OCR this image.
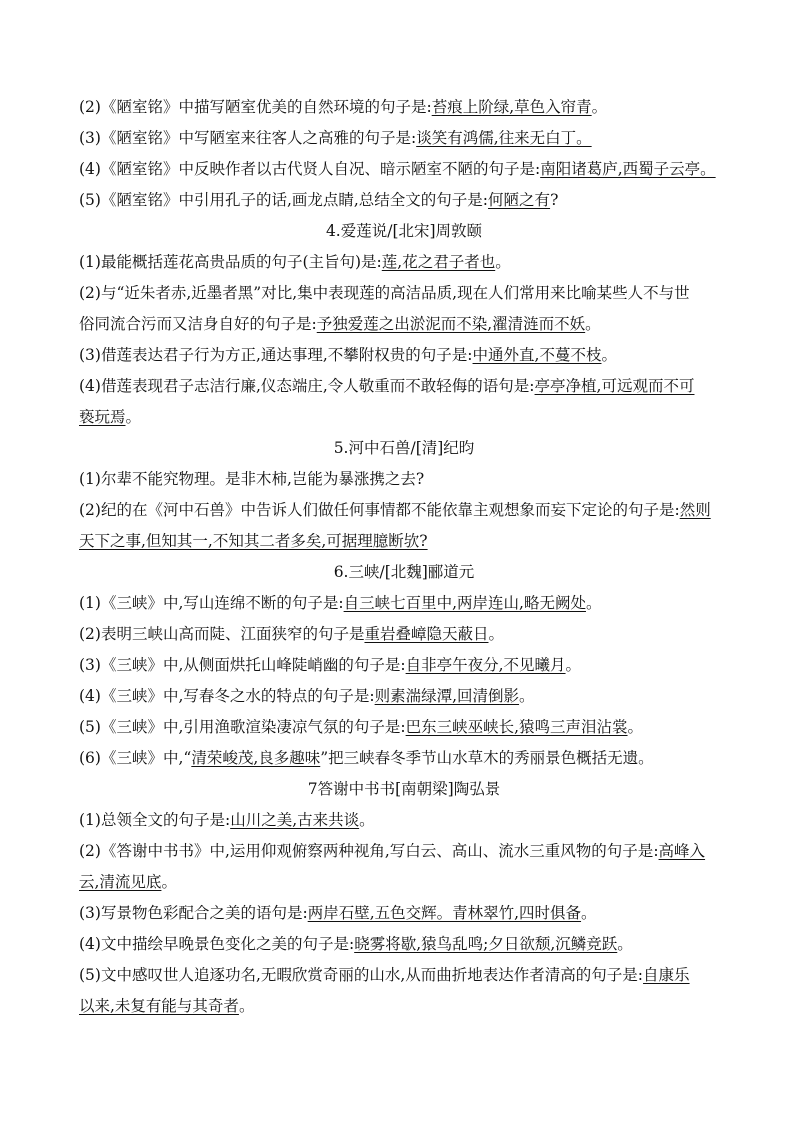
(2)《陋室铭》中描写陋室优美的自然环境的句子是:苔痕上阶绿,草色入帘青。
(3)《陋室铭》中写陋室来往客人之高雅的句子是:谈笑有鸿儒,往来无白丁。
(4)《陋室铭》中反映作者以古代贤人自况、暗示陋室不陋的句子是:南阳诸葛庐,西蜀子云亭。
(5)《陋室铭》中引用孔子的话,画龙点睛,总结全文的句子是:何陋之有?
4.爱莲说/[北宋]周敦颐
(1)最能概括莲花高贵品质的句子(主旨句)是:莲,花之君子者也。
(2)与“近朱者赤,近墨者黑”对比,集中表现莲的高洁品质,现在人们常用来比喻某些人不与世
俗同流合污而又洁身自好的句子是:予独爱莲之出淤泥而不染,濯清涟而不妖。
(3)借莲表达君子行为方正,通达事理,不攀附权贵的句子是:中通外直,不蔓不枝。
(4)借莲表现君子志洁行廉,仪态端庄,令人敬重而不敢轻侮的语句是:亭亭净植,可远观而不可
亵玩焉。
5.河中石兽/[清]纪昀
(1)尔辈不能究物理。是非木柿,岂能为暴涨携之去?
(2)纪的在《河中石兽》中告诉人们做任何事情都不能依靠主观想象而妄下定论的句子是:然则
天下之事,但知其一,不知其二者多矣,可据理臆断欤?
6.三峡/[北魏]郦道元
(1)《三峡》中,写山连绵不断的句子是:自三峡七百里中,两岸连山,略无阙处。
(2)表明三峡山高而陡、江面狭窄的句子是重岩叠嶂隐天蔽日。
(3)《三峡》中,从侧面烘托山峰陡峭幽的句子是:自非亭午夜分,不见曦月。
(4)《三峡》中,写春冬之水的特点的句子是:则素湍绿潭,回清倒影。
(5)《三峡》中,引用渔歌渲染凄凉气氛的句子是:巴东三峡巫峡长,猿鸣三声泪沾裳。
(6)《三峡》中,“清荣峻茂,良多趣味”把三峡春冬季节山水草木的秀丽景色概括无遗。
7答谢中书书[南朝梁]陶弘景
(1)总领全文的句子是:山川之美,古来共谈。
(2)《答谢中书书》中,运用仰观俯察两种视角,写白云、高山、流水三重风物的句子是:高峰入
云,清流见底。
(3)写景物色彩配合之美的语句是:两岸石壁,五色交辉。青林翠竹,四时俱备。
(4)文中描绘早晚景色变化之美的句子是:晓雾将歇,猿鸟乱鸣;夕日欲颓,沉鳞竞跃。
(5)文中感叹世人追逐功名,无暇欣赏奇丽的山水,从而曲折地表达作者清高的句子是:自康乐
以来,未复有能与其奇者。
